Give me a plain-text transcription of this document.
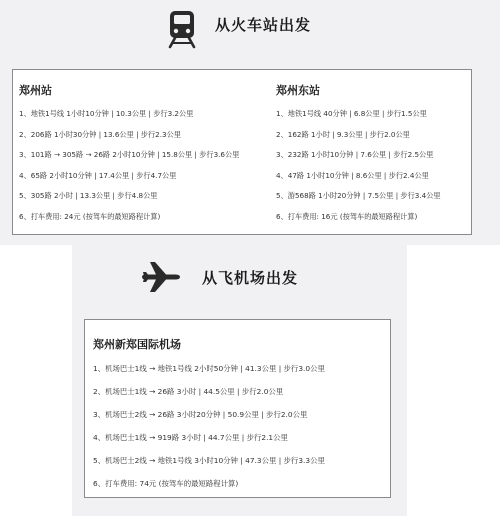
从火车站出发
郑州站
1、地铁1号线 1小时10分钟 | 10.3公里 | 步行3.2公里
2、206路 1小时30分钟 | 13.6公里 | 步行2.3公里
3、101路 → 305路 → 26路 2小时10分钟 | 15.8公里 | 步行3.6公里
4、65路 2小时10分钟 | 17.4公里 | 步行4.7公里
5、305路 2小时 | 13.3公里 | 步行4.8公里
6、打车费用: 24元 (按驾车的最短路程计算)
郑州东站
1、地铁1号线 40分钟 | 6.8公里 | 步行1.5公里
2、162路 1小时 | 9.3公里 | 步行2.0公里
3、232路 1小时10分钟 | 7.6公里 | 步行2.5公里
4、47路 1小时10分钟 | 8.6公里 | 步行2.4公里
5、游568路 1小时20分钟 | 7.5公里 | 步行3.4公里
6、打车费用: 16元 (按驾车的最短路程计算)
从飞机场出发
郑州新郑国际机场
1、机场巴士1线 → 地铁1号线 2小时50分钟 | 41.3公里 | 步行3.0公里
2、机场巴士1线 → 26路 3小时 | 44.5公里 | 步行2.0公里
3、机场巴士2线 → 26路 3小时20分钟 | 50.9公里 | 步行2.0公里
4、机场巴士1线 → 919路 3小时 | 44.7公里 | 步行2.1公里
5、机场巴士2线 → 地铁1号线 3小时10分钟 | 47.3公里 | 步行3.3公里
6、打车费用: 74元 (按驾车的最短路程计算)
